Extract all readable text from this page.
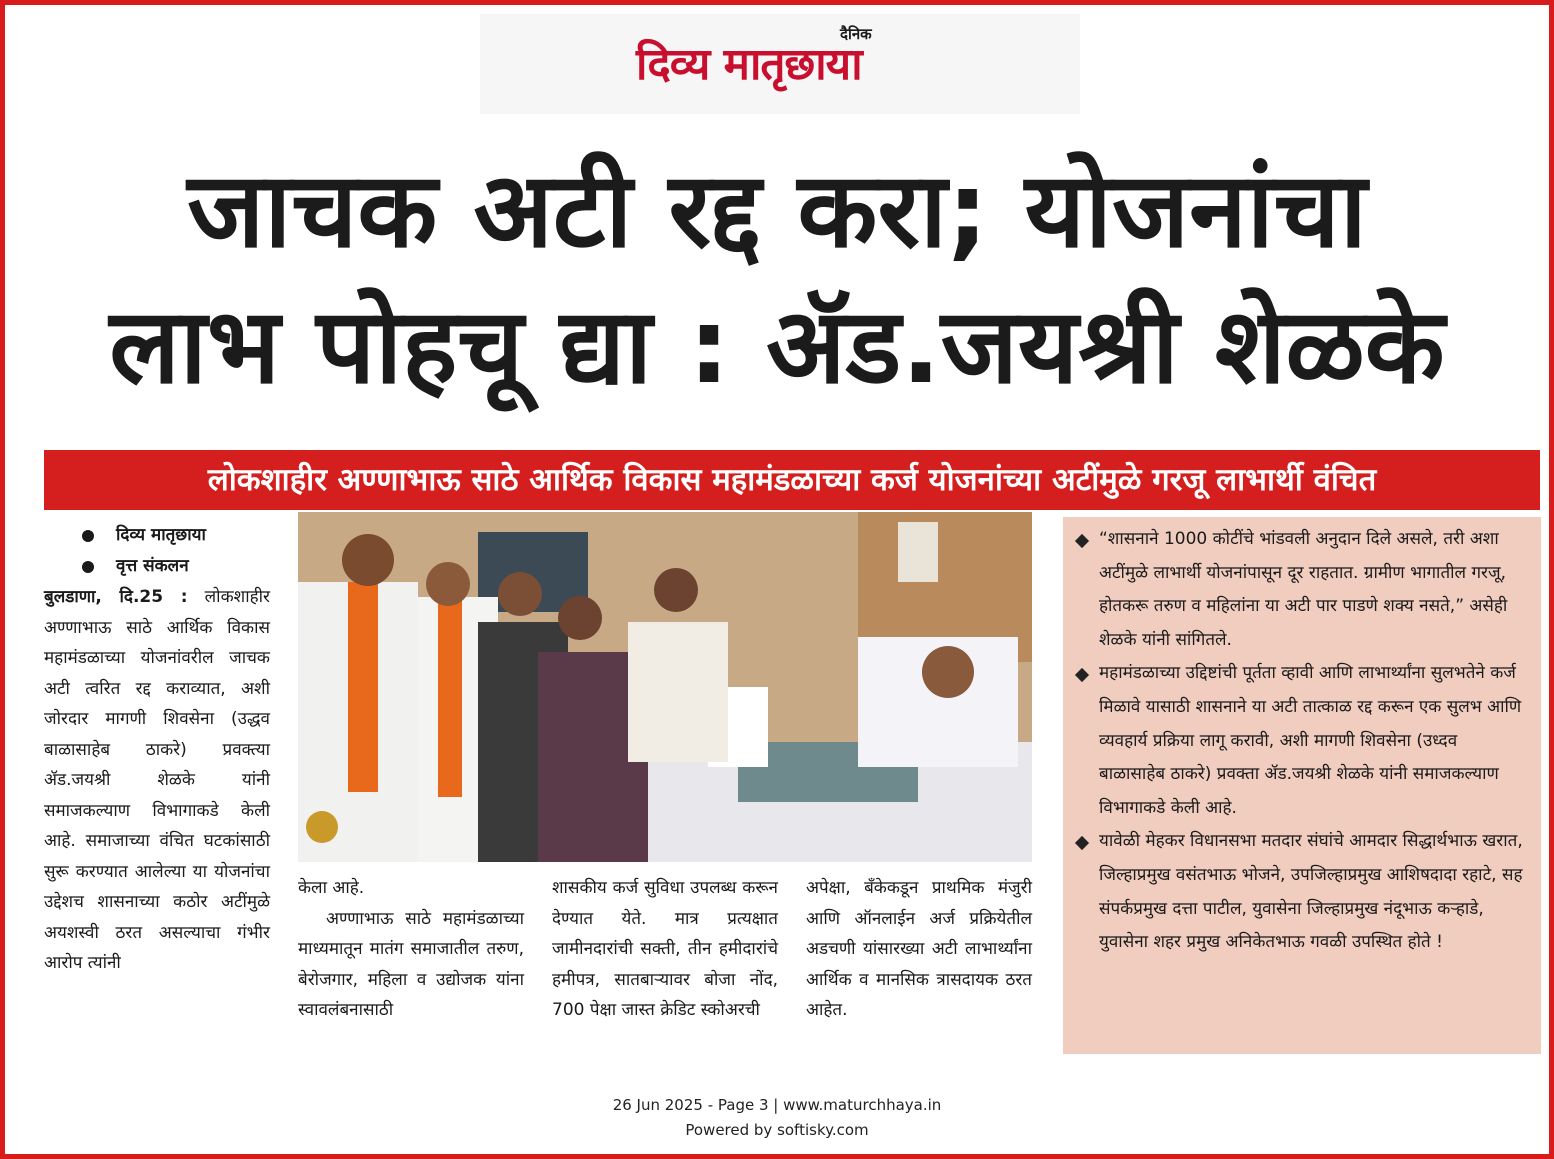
दैनिक
दिव्य मातृछाया
जाचक अटी रद्द करा; योजनांचा
लाभ पोहचू द्या : ॲड.जयश्री शेळके
लोकशाहीर अण्णाभाऊ साठे आर्थिक विकास महामंडळाच्या कर्ज योजनांच्या अटींमुळे गरजू लाभार्थी वंचित
दिव्य मातृछाया
वृत्त संकलन
बुलडाणा, दि.25 : लोकशाहीर अण्णाभाऊ साठे आर्थिक विकास महामंडळाच्या योजनांवरील जाचक अटी त्वरित रद्द कराव्यात, अशी जोरदार मागणी शिवसेना (उद्धव बाळासाहेब ठाकरे) प्रवक्त्या ॲड.जयश्री शेळके यांनी समाजकल्याण विभागाकडे केली आहे. समाजाच्या वंचित घटकांसाठी सुरू करण्यात आलेल्या या योजनांचा उद्देशच शासनाच्या कठोर अटींमुळे अयशस्वी ठरत असल्याचा गंभीर आरोप त्यांनी
केला आहे.
अण्णाभाऊ साठे महामंडळाच्या माध्यमातून मातंग समाजातील तरुण, बेरोजगार, महिला व उद्योजक यांना स्वावलंबनासाठी
शासकीय कर्ज सुविधा उपलब्ध करून देण्यात येते. मात्र प्रत्यक्षात जामीनदारांची सक्ती, तीन हमीदारांचे हमीपत्र, सातबाऱ्यावर बोजा नोंद, 700 पेक्षा जास्त क्रेडिट स्कोअरची
अपेक्षा, बँकेकडून प्राथमिक मंजुरी आणि ऑनलाईन अर्ज प्रक्रियेतील अडचणी यांसारख्या अटी लाभार्थ्यांना आर्थिक व मानसिक त्रासदायक ठरत आहेत.
“शासनाने 1000 कोटींचे भांडवली अनुदान दिले असले, तरी अशा अटींमुळे लाभार्थी योजनांपासून दूर राहतात. ग्रामीण भागातील गरजू, होतकरू तरुण व महिलांना या अटी पार पाडणे शक्य नसते,” असेही शेळके यांनी सांगितले.
महामंडळाच्या उद्दिष्टांची पूर्तता व्हावी आणि लाभार्थ्यांना सुलभतेने कर्ज मिळावे यासाठी शासनाने या अटी तात्काळ रद्द करून एक सुलभ आणि व्यवहार्य प्रक्रिया लागू करावी, अशी मागणी शिवसेना (उध्दव बाळासाहेब ठाकरे) प्रवक्ता ॲड.जयश्री शेळके यांनी समाजकल्याण विभागाकडे केली आहे.
यावेळी मेहकर विधानसभा मतदार संघांचे आमदार सिद्धार्थभाऊ खरात, जिल्हाप्रमुख वसंतभाऊ भोजने, उपजिल्हाप्रमुख आशिषदादा रहाटे, सह संपर्कप्रमुख दत्ता पाटील, युवासेना जिल्हाप्रमुख नंदूभाऊ कऱ्हाडे, युवासेना शहर प्रमुख अनिकेतभाऊ गवळी उपस्थित होते !
26 Jun 2025 - Page 3 | www.maturchhaya.in
Powered by softisky.com
